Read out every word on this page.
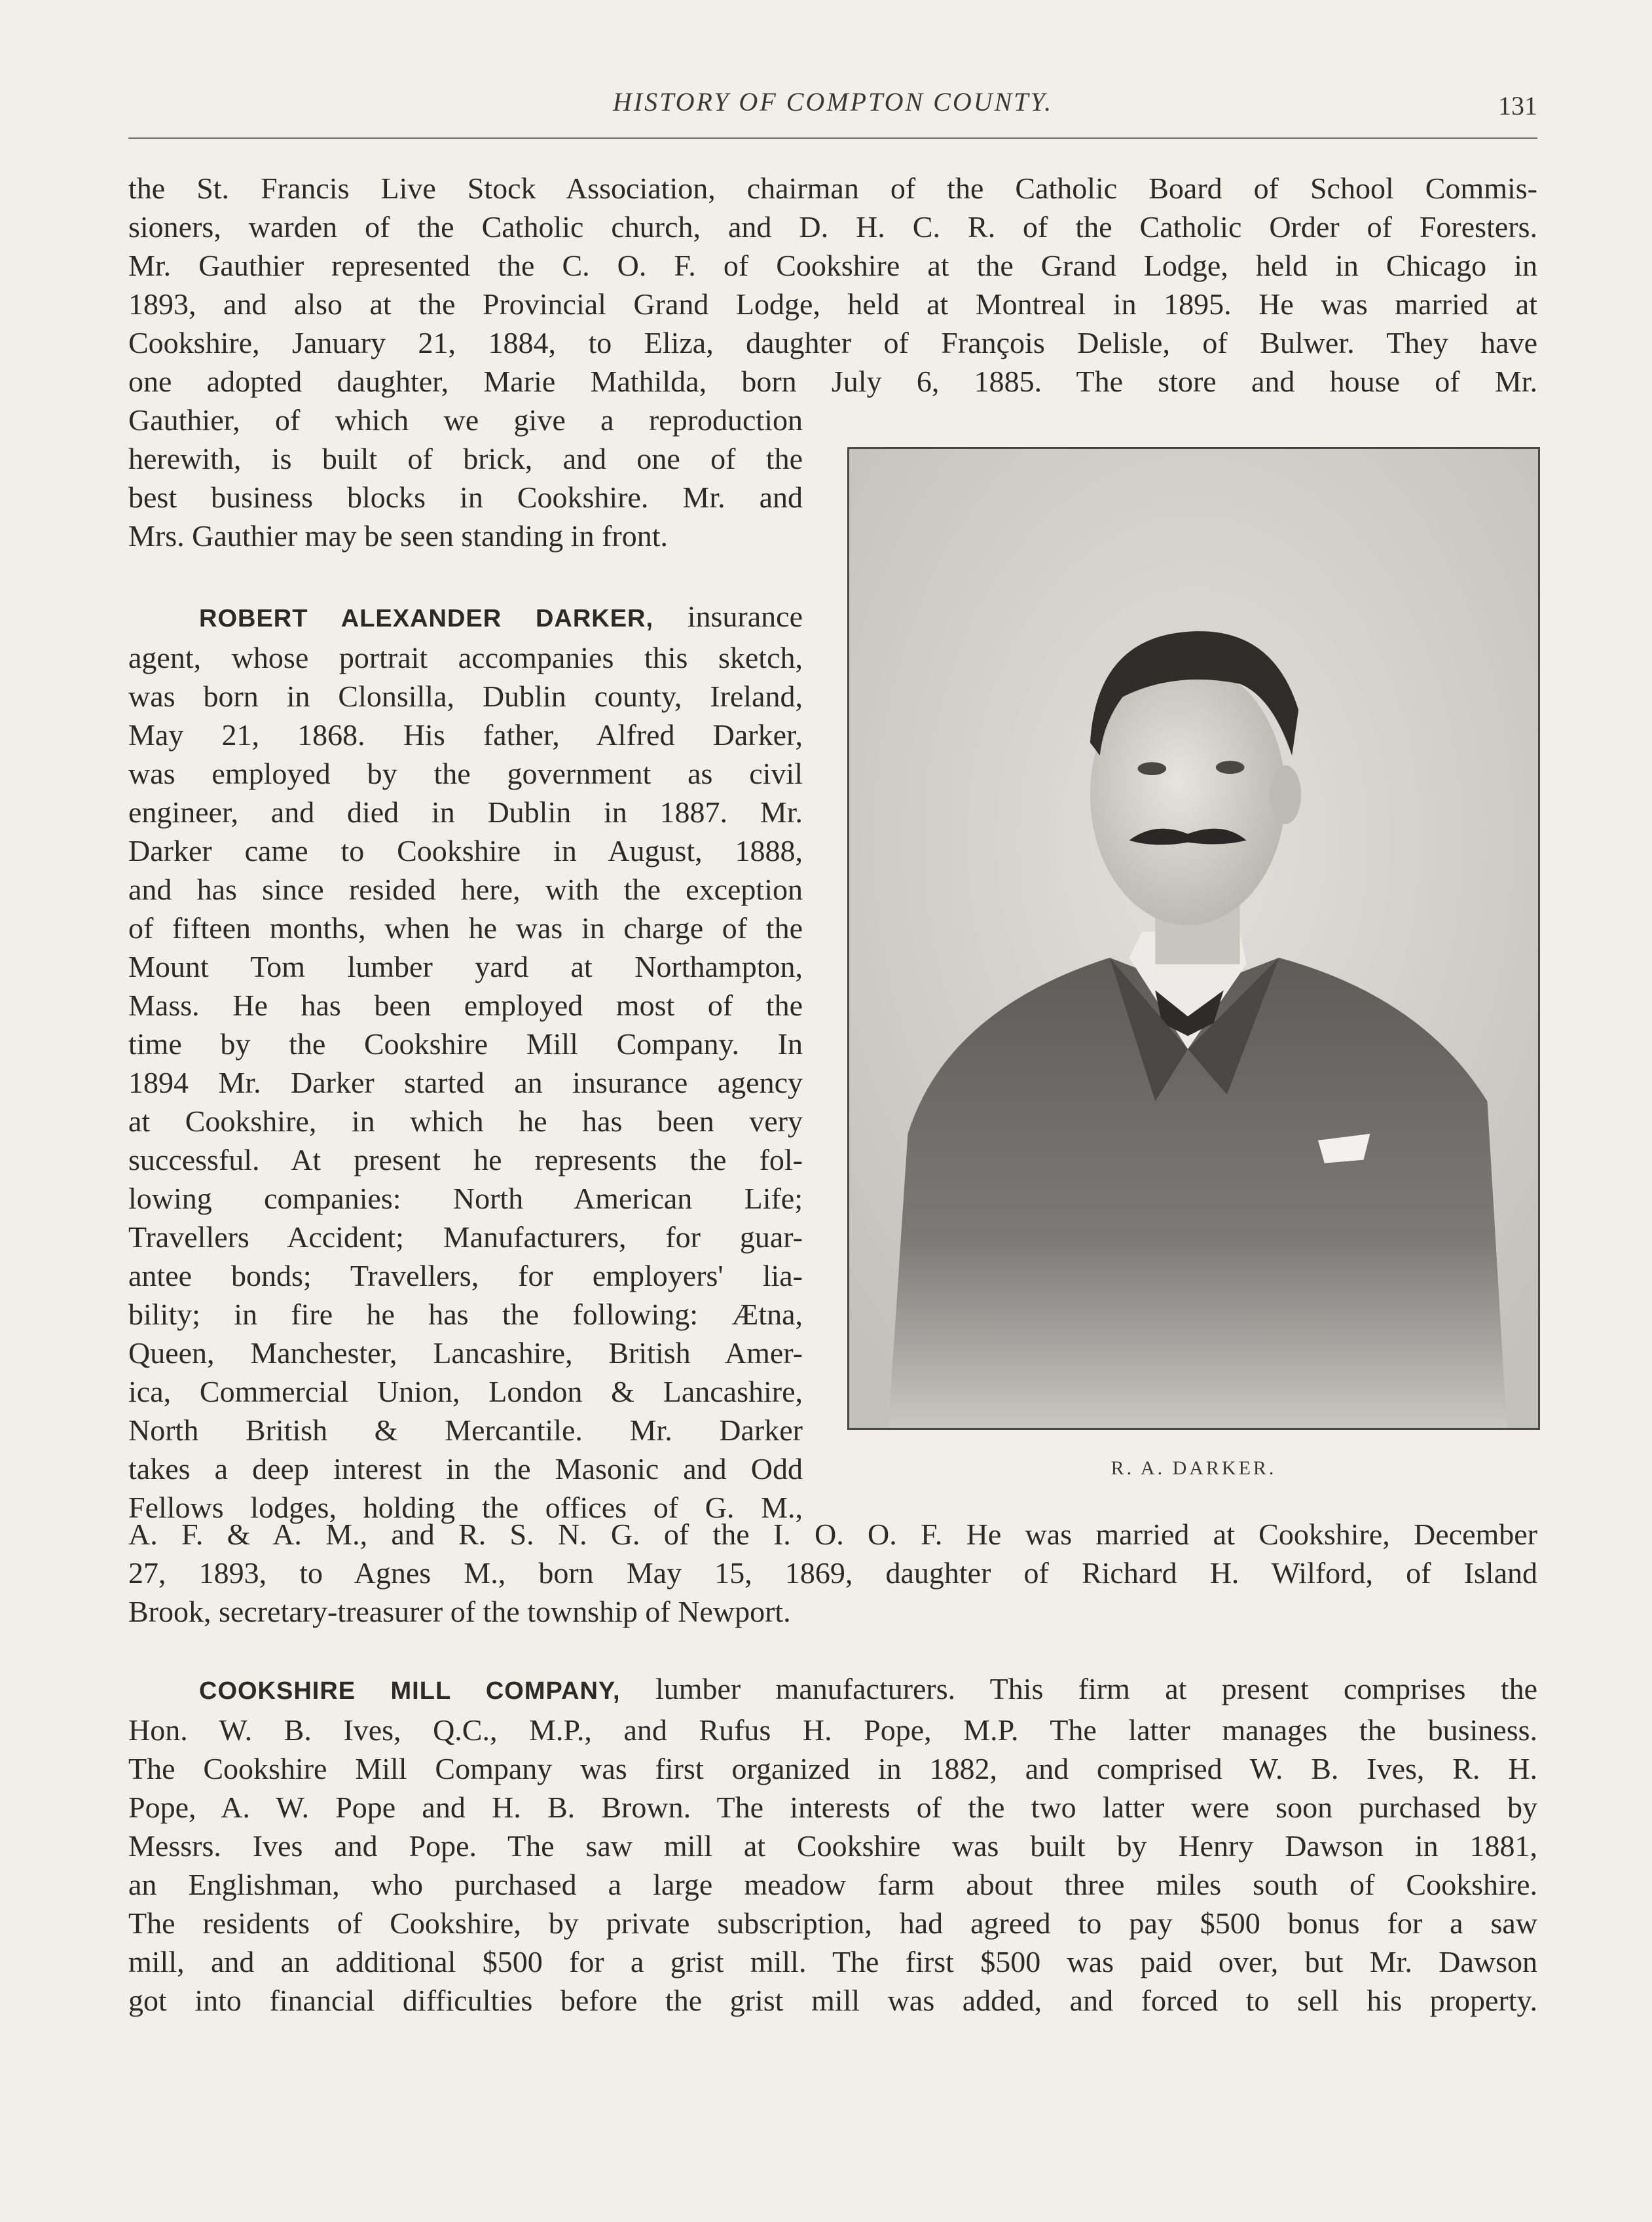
HISTORY OF COMPTON COUNTY.	131
the St. Francis Live Stock Association, chairman of the Catholic Board of School Commis-
sioners, warden of the Catholic church, and D. H. C. R. of the Catholic Order of Foresters.
Mr. Gauthier represented the C. O. F. of Cookshire at the Grand Lodge, held in Chicago in
1893, and also at the Provincial Grand Lodge, held at Montreal in 1895. He was married at
Cookshire, January 21, 1884, to Eliza, daughter of François Delisle, of Bulwer. They have
one adopted daughter, Marie Mathilda, born July 6, 1885. The store and house of Mr.
Gauthier, of which we give a reproduction
herewith, is built of brick, and one of the
best business blocks in Cookshire. Mr. and
Mrs. Gauthier may be seen standing in front.
ROBERT ALEXANDER DARKER, insurance
agent, whose portrait accompanies this sketch,
was born in Clonsilla, Dublin county, Ireland,
May 21, 1868. His father, Alfred Darker,
was employed by the government as civil
engineer, and died in Dublin in 1887. Mr.
Darker came to Cookshire in August, 1888,
and has since resided here, with the exception
of fifteen months, when he was in charge of the
Mount Tom lumber yard at Northampton,
Mass. He has been employed most of the
time by the Cookshire Mill Company. In
1894 Mr. Darker started an insurance agency
at Cookshire, in which he has been very
successful. At present he represents the fol-
lowing companies: North American Life;
Travellers Accident; Manufacturers, for guar-
antee bonds; Travellers, for employers' lia-
bility; in fire he has the following: Ætna,
Queen, Manchester, Lancashire, British Amer-
ica, Commercial Union, London & Lancashire,
North British & Mercantile. Mr. Darker
takes a deep interest in the Masonic and Odd
Fellows lodges, holding the offices of G. M.,
A. F. & A. M., and R. S. N. G. of the I. O. O. F. He was married at Cookshire, December
27, 1893, to Agnes M., born May 15, 1869, daughter of Richard H. Wilford, of Island
Brook, secretary-treasurer of the township of Newport.
COOKSHIRE MILL COMPANY, lumber manufacturers. This firm at present comprises the
Hon. W. B. Ives, Q.C., M.P., and Rufus H. Pope, M.P. The latter manages the business.
The Cookshire Mill Company was first organized in 1882, and comprised W. B. Ives, R. H.
Pope, A. W. Pope and H. B. Brown. The interests of the two latter were soon purchased by
Messrs. Ives and Pope. The saw mill at Cookshire was built by Henry Dawson in 1881,
an Englishman, who purchased a large meadow farm about three miles south of Cookshire.
The residents of Cookshire, by private subscription, had agreed to pay $500 bonus for a saw
mill, and an additional $500 for a grist mill. The first $500 was paid over, but Mr. Dawson
got into financial difficulties before the grist mill was added, and forced to sell his property.
R. A. DARKER.
